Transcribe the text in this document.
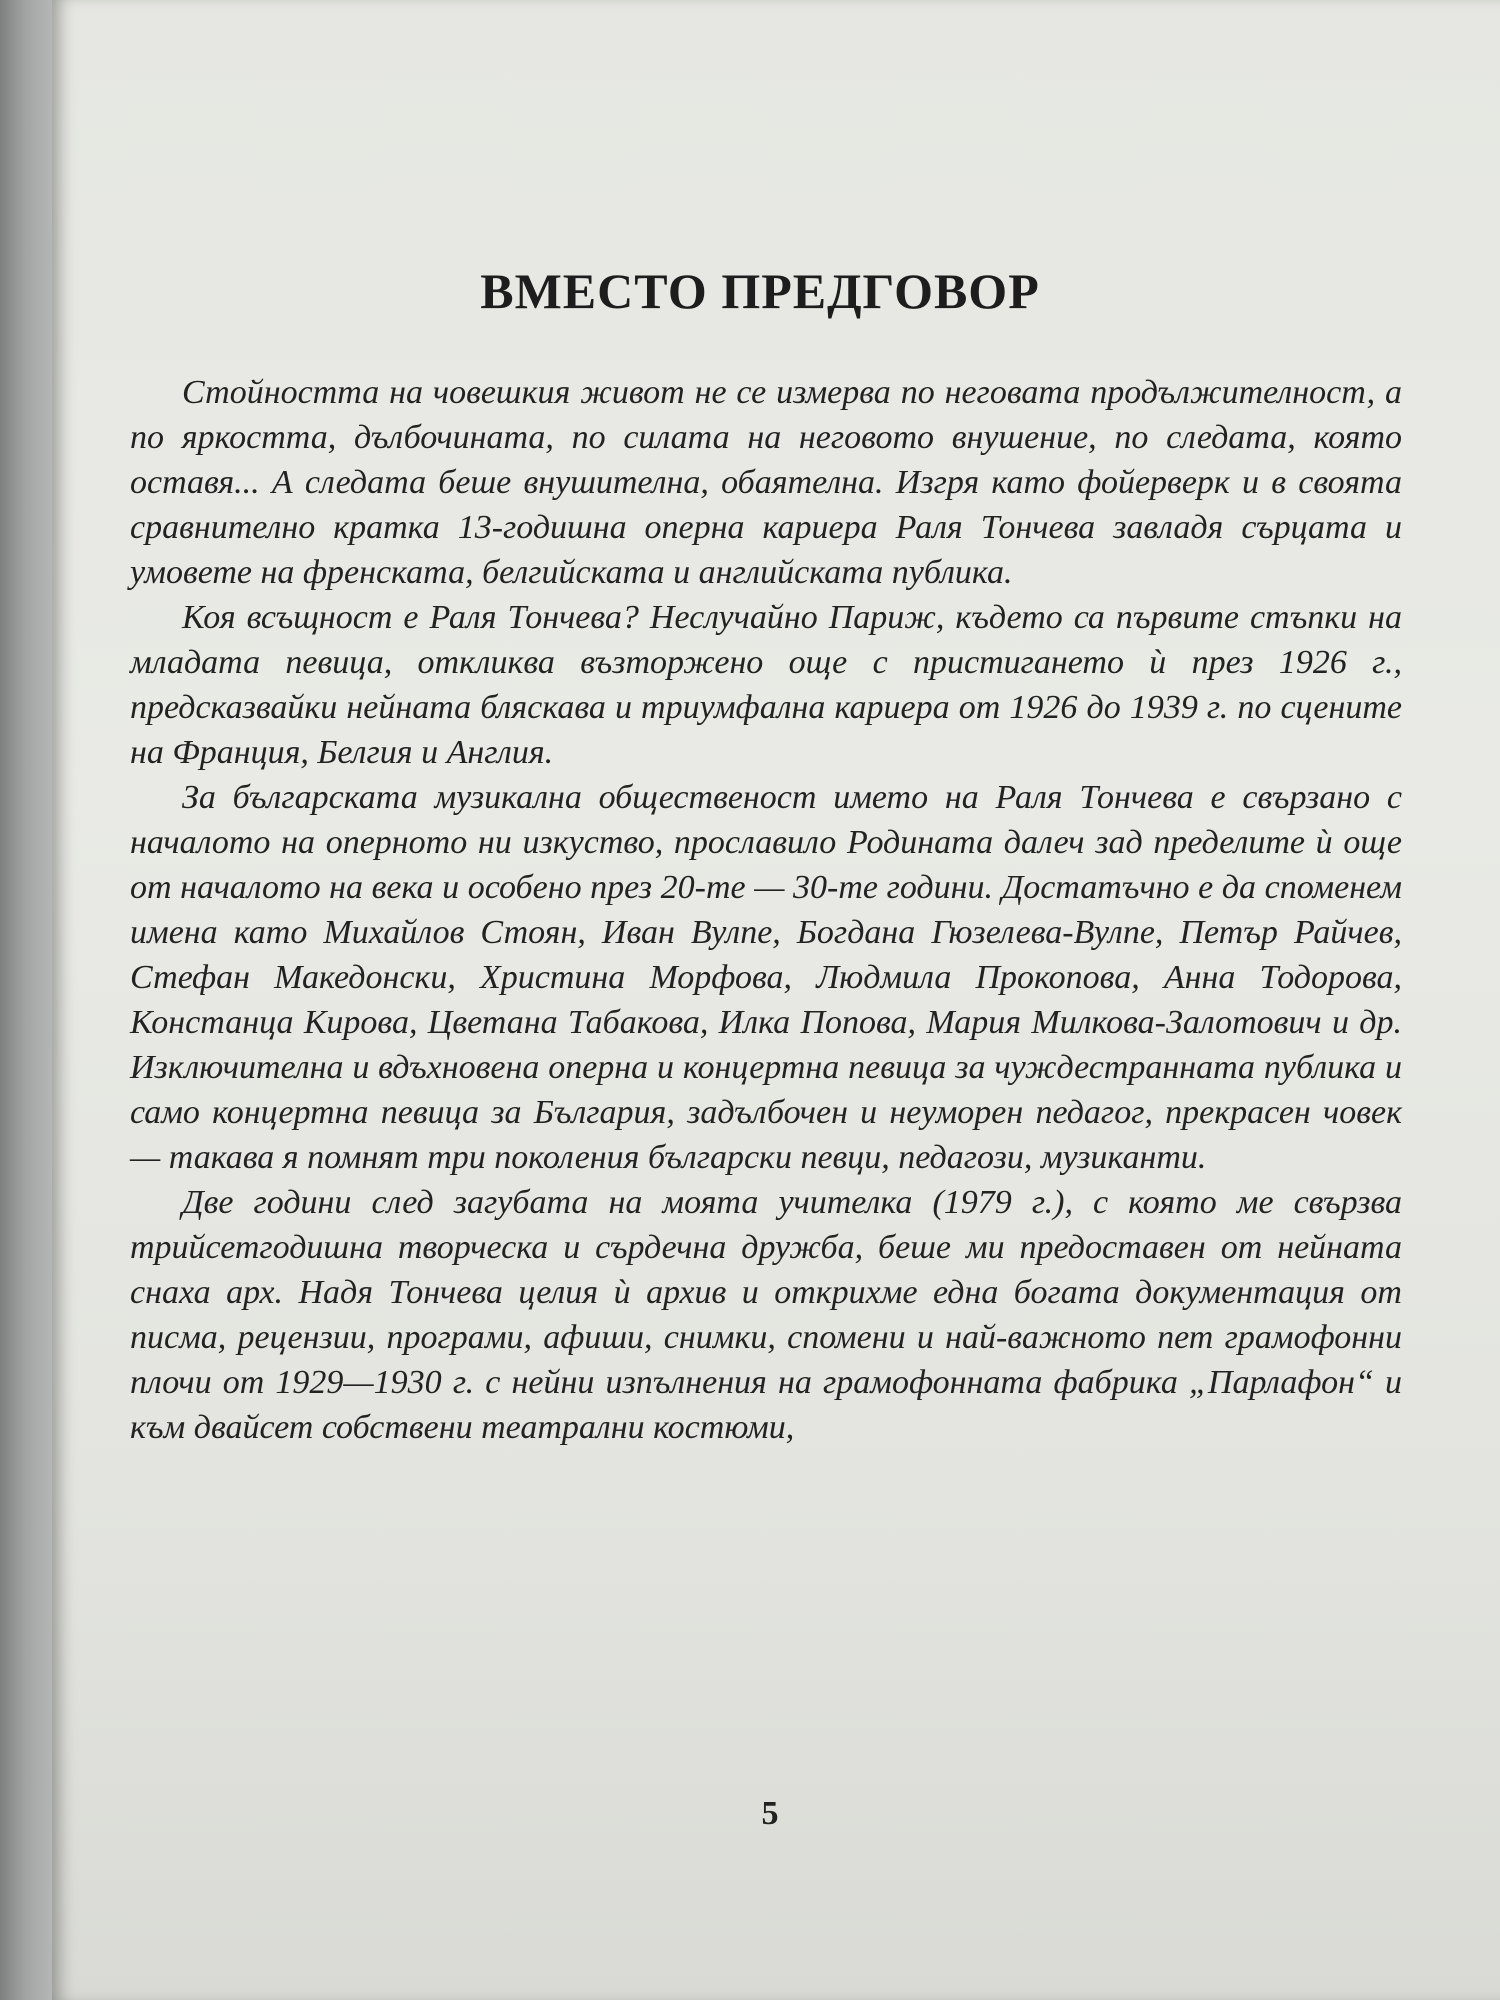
ВМЕСТО ПРЕДГОВОР

Стойността на човешкия живот не се измерва по неговата продължителност, а по яркостта, дълбочината, по силата на неговото внушение, по следата, която оставя... А следата беше внушителна, обаятелна. Изгря като фойерверк и в своята сравнително кратка 13-годишна оперна кариера Раля Тончева завладя сърцата и умовете на френската, белгийската и английската публика.

Коя всъщност е Раля Тончева? Неслучайно Париж, където са първите стъпки на младата певица, откликва възторжено още с пристигането ѝ през 1926 г., предсказвайки нейната бляскава и триумфална кариера от 1926 до 1939 г. по сцените на Франция, Белгия и Англия.

За българската музикална общественост името на Раля Тончева е свързано с началото на оперното ни изкуство, прославило Родината далеч зад пределите ѝ още от началото на века и особено през 20-те — 30-те години. Достатъчно е да споменем имена като Михайлов Стоян, Иван Вулпе, Богдана Гюзелева-Вулпе, Петър Райчев, Стефан Македонски, Христина Морфова, Людмила Прокопова, Анна Тодорова, Констанца Кирова, Цветана Табакова, Илка Попова, Мария Милкова-Залотович и др. Изключителна и вдъхновена оперна и концертна певица за чуждестранната публика и само концертна певица за България, задълбочен и неуморен педагог, прекрасен човек — такава я помнят три поколения български певци, педагози, музиканти.

Две години след загубата на моята учителка (1979 г.), с която ме свързва трийсетгодишна творческа и сърдечна дружба, беше ми предоставен от нейната снаха арх. Надя Тончева целия ѝ архив и открихме една богата документация от писма, рецензии, програми, афиши, снимки, спомени и най-важното пет грамофонни плочи от 1929—1930 г. с нейни изпълнения на грамофонната фабрика „Парлафон“ и към двайсет собствени театрални костюми,

5
